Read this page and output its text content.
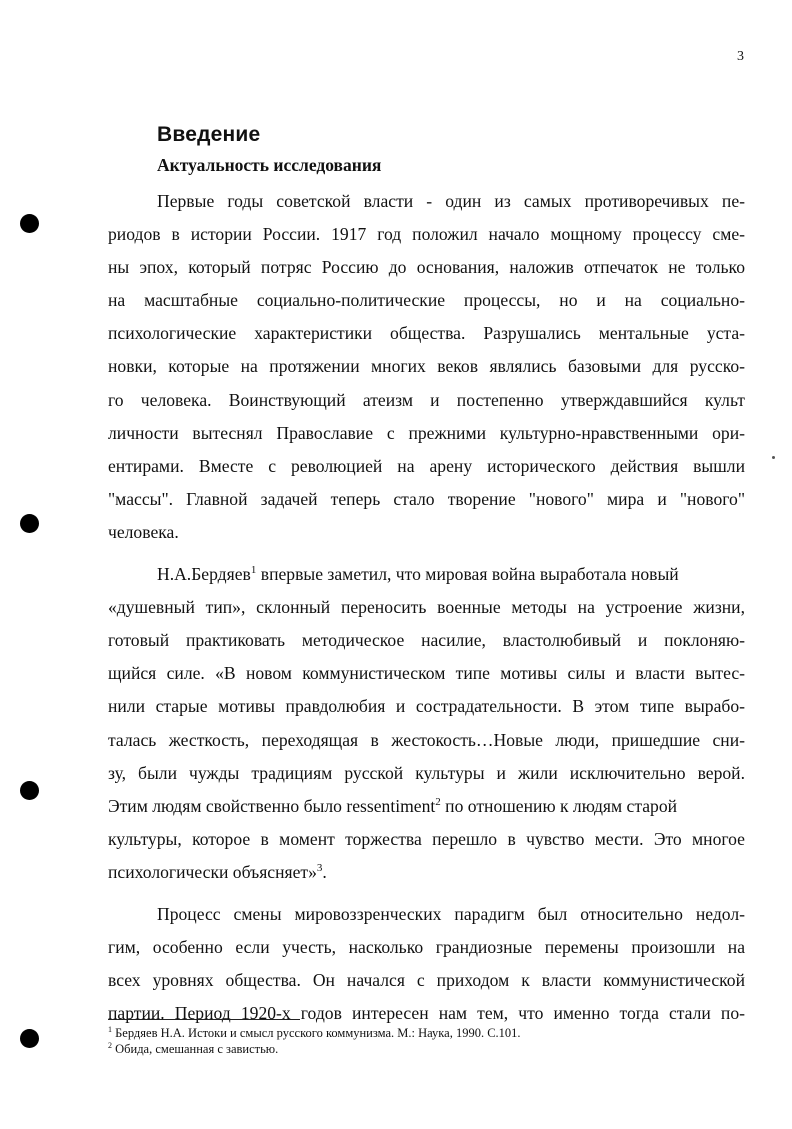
3
Введение
Актуальность исследования
Первые годы советской власти - один из самых противоречивых пе-
риодов в истории России. 1917 год положил начало мощному процессу сме-
ны эпох, который потряс Россию до основания, наложив отпечаток не только
на масштабные социально-политические процессы, но и на социально-
психологические характеристики общества. Разрушались ментальные уста-
новки, которые на протяжении многих веков являлись базовыми для русско-
го человека. Воинствующий атеизм и постепенно утверждавшийся культ
личности вытеснял Православие с прежними культурно-нравственными ори-
ентирами. Вместе с революцией на арену исторического действия вышли
"массы". Главной задачей теперь стало творение "нового" мира и "нового"
человека.
Н.А.Бердяев$^1$ впервые заметил, что мировая война выработала новый
«душевный тип», склонный переносить военные методы на устроение жизни,
готовый практиковать методическое насилие, властолюбивый и поклоняю-
щийся силе. «В новом коммунистическом типе мотивы силы и власти вытес-
нили старые мотивы правдолюбия и сострадательности. В этом типе вырабо-
талась жесткость, переходящая в жестокость…Новые люди, пришедшие сни-
зу, были чужды традициям русской культуры и жили исключительно верой.
Этим людям свойственно было ressentiment$^2$ по отношению к людям старой
культуры, которое в момент торжества перешло в чувство мести. Это многое
психологически объясняет»$^3$.
Процесс смены мировоззренческих парадигм был относительно недол-
гим, особенно если учесть, насколько грандиозные перемены произошли на
всех уровнях общества. Он начался с приходом к власти коммунистической
партии. Период 1920-х годов интересен нам тем, что именно тогда стали по-
$^1$ Бердяев Н.А. Истоки и смысл русского коммунизма. М.: Наука, 1990. С.101.
$^2$ Обида, смешанная с завистью.
